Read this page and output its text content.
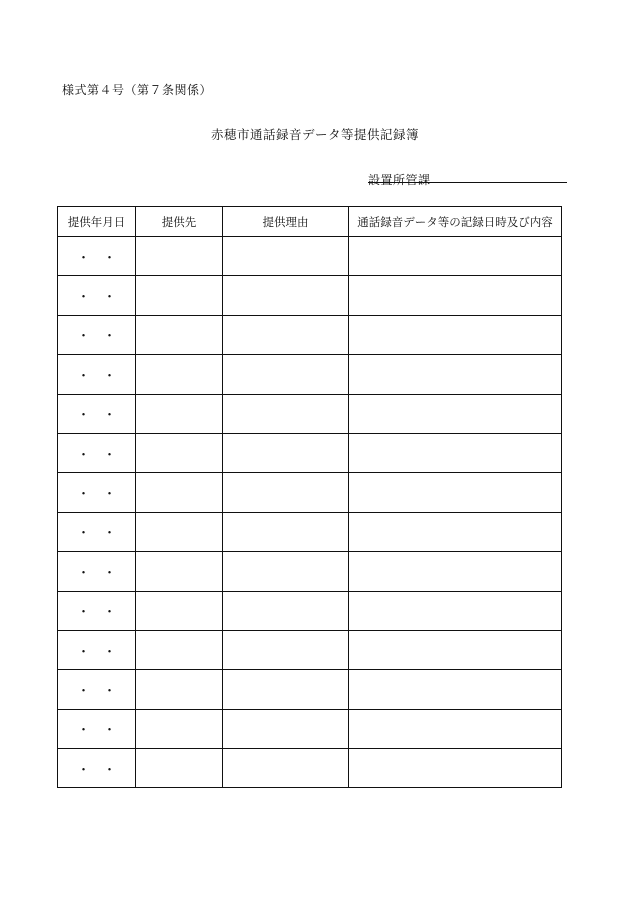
様式第４号（第７条関係）
赤穂市通話録音データ等提供記録簿
設置所管課
提供年月日	提供先	提供理由	通話録音データ等の記録日時及び内容
・　・			
・　・			
・　・			
・　・			
・　・			
・　・			
・　・			
・　・			
・　・			
・　・			
・　・			
・　・			
・　・			
・　・			
